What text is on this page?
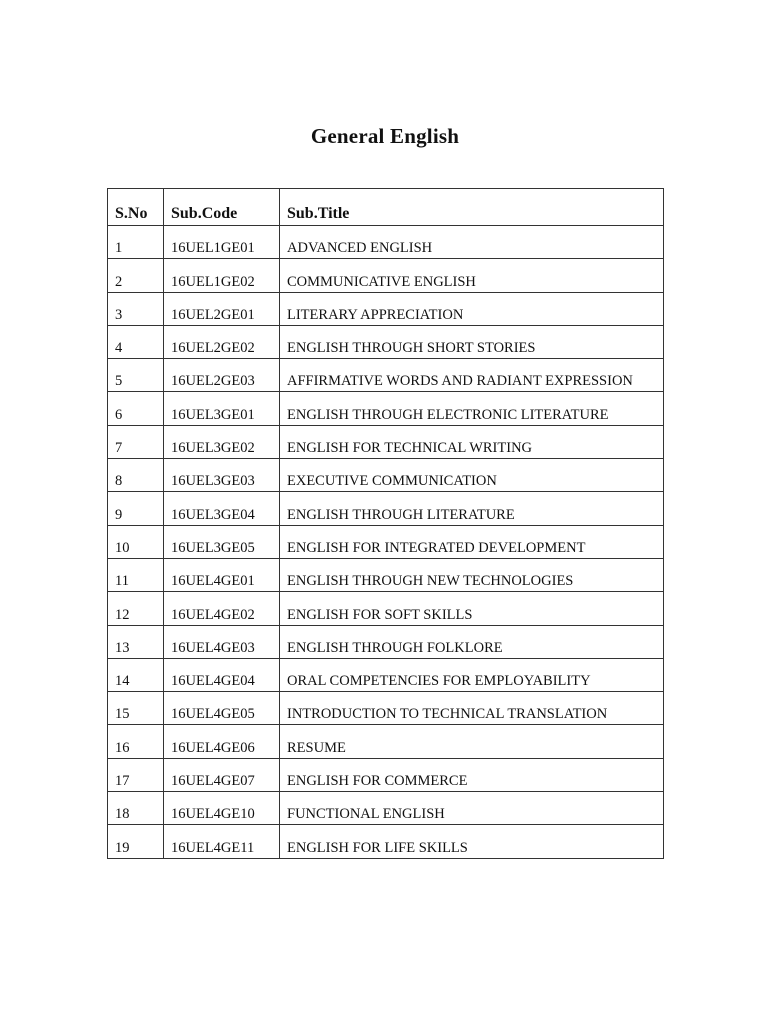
General English
S.No	Sub.Code	Sub.Title
1	16UEL1GE01	ADVANCED ENGLISH
2	16UEL1GE02	COMMUNICATIVE ENGLISH
3	16UEL2GE01	LITERARY APPRECIATION
4	16UEL2GE02	ENGLISH THROUGH SHORT STORIES
5	16UEL2GE03	AFFIRMATIVE WORDS AND RADIANT EXPRESSION
6	16UEL3GE01	ENGLISH THROUGH ELECTRONIC LITERATURE
7	16UEL3GE02	ENGLISH FOR TECHNICAL WRITING
8	16UEL3GE03	EXECUTIVE COMMUNICATION
9	16UEL3GE04	ENGLISH THROUGH LITERATURE
10	16UEL3GE05	ENGLISH FOR INTEGRATED DEVELOPMENT
11	16UEL4GE01	ENGLISH THROUGH NEW TECHNOLOGIES
12	16UEL4GE02	ENGLISH FOR SOFT SKILLS
13	16UEL4GE03	ENGLISH THROUGH FOLKLORE
14	16UEL4GE04	ORAL COMPETENCIES FOR EMPLOYABILITY
15	16UEL4GE05	INTRODUCTION TO TECHNICAL TRANSLATION
16	16UEL4GE06	RESUME
17	16UEL4GE07	ENGLISH FOR COMMERCE
18	16UEL4GE10	FUNCTIONAL ENGLISH
19	16UEL4GE11	ENGLISH FOR LIFE SKILLS
